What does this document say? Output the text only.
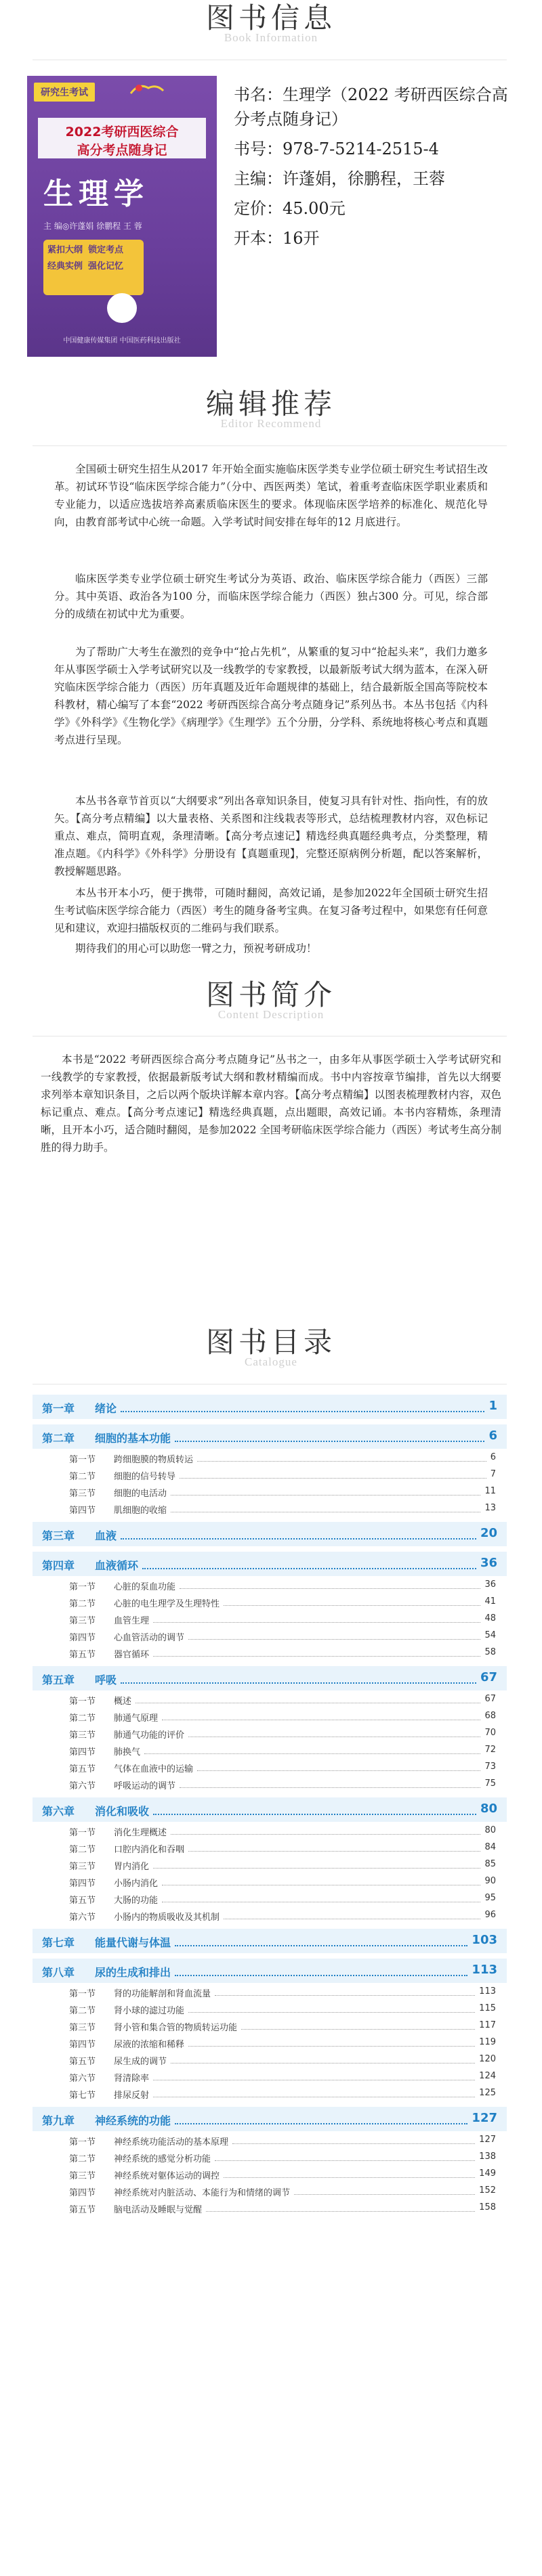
图书信息
Book Information
研究生考试
2022考研西医综合
高分考点随身记
生理学
主 编◎许蓬娟 徐鹏程 王 蓉
紧扣大纲 锁定考点
经典实例 强化记忆
中国健康传媒集团 中国医药科技出版社
书名：生理学（2022 考研西医综合高分考点随身记）
书号：978-7-5214-2515-4
主编：许蓬娟，徐鹏程，王蓉
定价：45.00元
开本：16开
编辑推荐
Editor Recommend
全国硕士研究生招生从2017 年开始全面实施临床医学类专业学位硕士研究生考试招生改革。初试环节设“临床医学综合能力”（分中、西医两类）笔试，着重考查临床医学职业素质和专业能力，以适应选拔培养高素质临床医生的要求。体现临床医学培养的标准化、规范化导向，由教育部考试中心统一命题。入学考试时间安排在每年的12 月底进行。
临床医学类专业学位硕士研究生考试分为英语、政治、临床医学综合能力（西医）三部分。其中英语、政治各为100 分，而临床医学综合能力（西医）独占300 分。可见，综合部分的成绩在初试中尤为重要。
为了帮助广大考生在激烈的竞争中“抢占先机”，从繁重的复习中“抢起头来”，我们力邀多年从事医学硕士入学考试研究以及一线教学的专家教授，以最新版考试大纲为蓝本，在深入研究临床医学综合能力（西医）历年真题及近年命题规律的基础上，结合最新版全国高等院校本科教材，精心编写了本套“2022 考研西医综合高分考点随身记”系列丛书。本丛书包括《内科学》《外科学》《生物化学》《病理学》《生理学》五个分册，分学科、系统地将核心考点和真题考点进行呈现。
本丛书各章节首页以“大纲要求”列出各章知识条目，使复习具有针对性、指向性，有的放矢。【高分考点精编】以大量表格、关系图和注线栽表等形式，总结梳理教材内容，双色标记重点、难点，简明直观，条理清晰。【高分考点速记】精选经典真题经典考点，分类整理，精准点题。《内科学》《外科学》分册设有【真题重现】，完整还原病例分析题，配以答案解析，教授解题思路。
本丛书开本小巧，便于携带，可随时翻阅，高效记诵，是参加2022年全国硕士研究生招生考试临床医学综合能力（西医）考生的随身备考宝典。在复习备考过程中，如果您有任何意见和建议，欢迎扫描版权页的二维码与我们联系。
期待我们的用心可以助您一臂之力，预祝考研成功！
图书简介
Content Description
本书是“2022 考研西医综合高分考点随身记”丛书之一，由多年从事医学硕士入学考试研究和一线教学的专家教授，依据最新版考试大纲和教材精编而成。书中内容按章节编排，首先以大纲要求列举本章知识条目，之后以两个版块详解本章内容。【高分考点精编】以图表梳理教材内容，双色标记重点、难点。【高分考点速记】精选经典真题，点出题眼，高效记诵。本书内容精炼，条理清晰，且开本小巧，适合随时翻阅，是参加2022 全国考研临床医学综合能力（西医）考试考生高分制胜的得力助手。
图书目录
Catalogue
第一章 绪论	1
第二章 细胞的基本功能	6
第一节 跨细胞膜的物质转运	6
第二节 细胞的信号转导	7
第三节 细胞的电活动	11
第四节 肌细胞的收缩	13
第三章 血液	20
第四章 血液循环	36
第一节 心脏的泵血功能	36
第二节 心脏的电生理学及生理特性	41
第三节 血管生理	48
第四节 心血管活动的调节	54
第五节 器官循环	58
第五章 呼吸	67
第一节 概述	67
第二节 肺通气原理	68
第三节 肺通气功能的评价	70
第四节 肺换气	72
第五节 气体在血液中的运输	73
第六节 呼吸运动的调节	75
第六章 消化和吸收	80
第一节 消化生理概述	80
第二节 口腔内消化和吞咽	84
第三节 胃内消化	85
第四节 小肠内消化	90
第五节 大肠的功能	95
第六节 小肠内的物质吸收及其机制	96
第七章 能量代谢与体温	103
第八章 尿的生成和排出	113
第一节 肾的功能解剖和肾血流量	113
第二节 肾小球的滤过功能	115
第三节 肾小管和集合管的物质转运功能	117
第四节 尿液的浓缩和稀释	119
第五节 尿生成的调节	120
第六节 肾清除率	124
第七节 排尿反射	125
第九章 神经系统的功能	127
第一节 神经系统功能活动的基本原理	127
第二节 神经系统的感觉分析功能	138
第三节 神经系统对躯体运动的调控	149
第四节 神经系统对内脏活动、本能行为和情绪的调节	152
第五节 脑电活动及睡眠与觉醒	158
